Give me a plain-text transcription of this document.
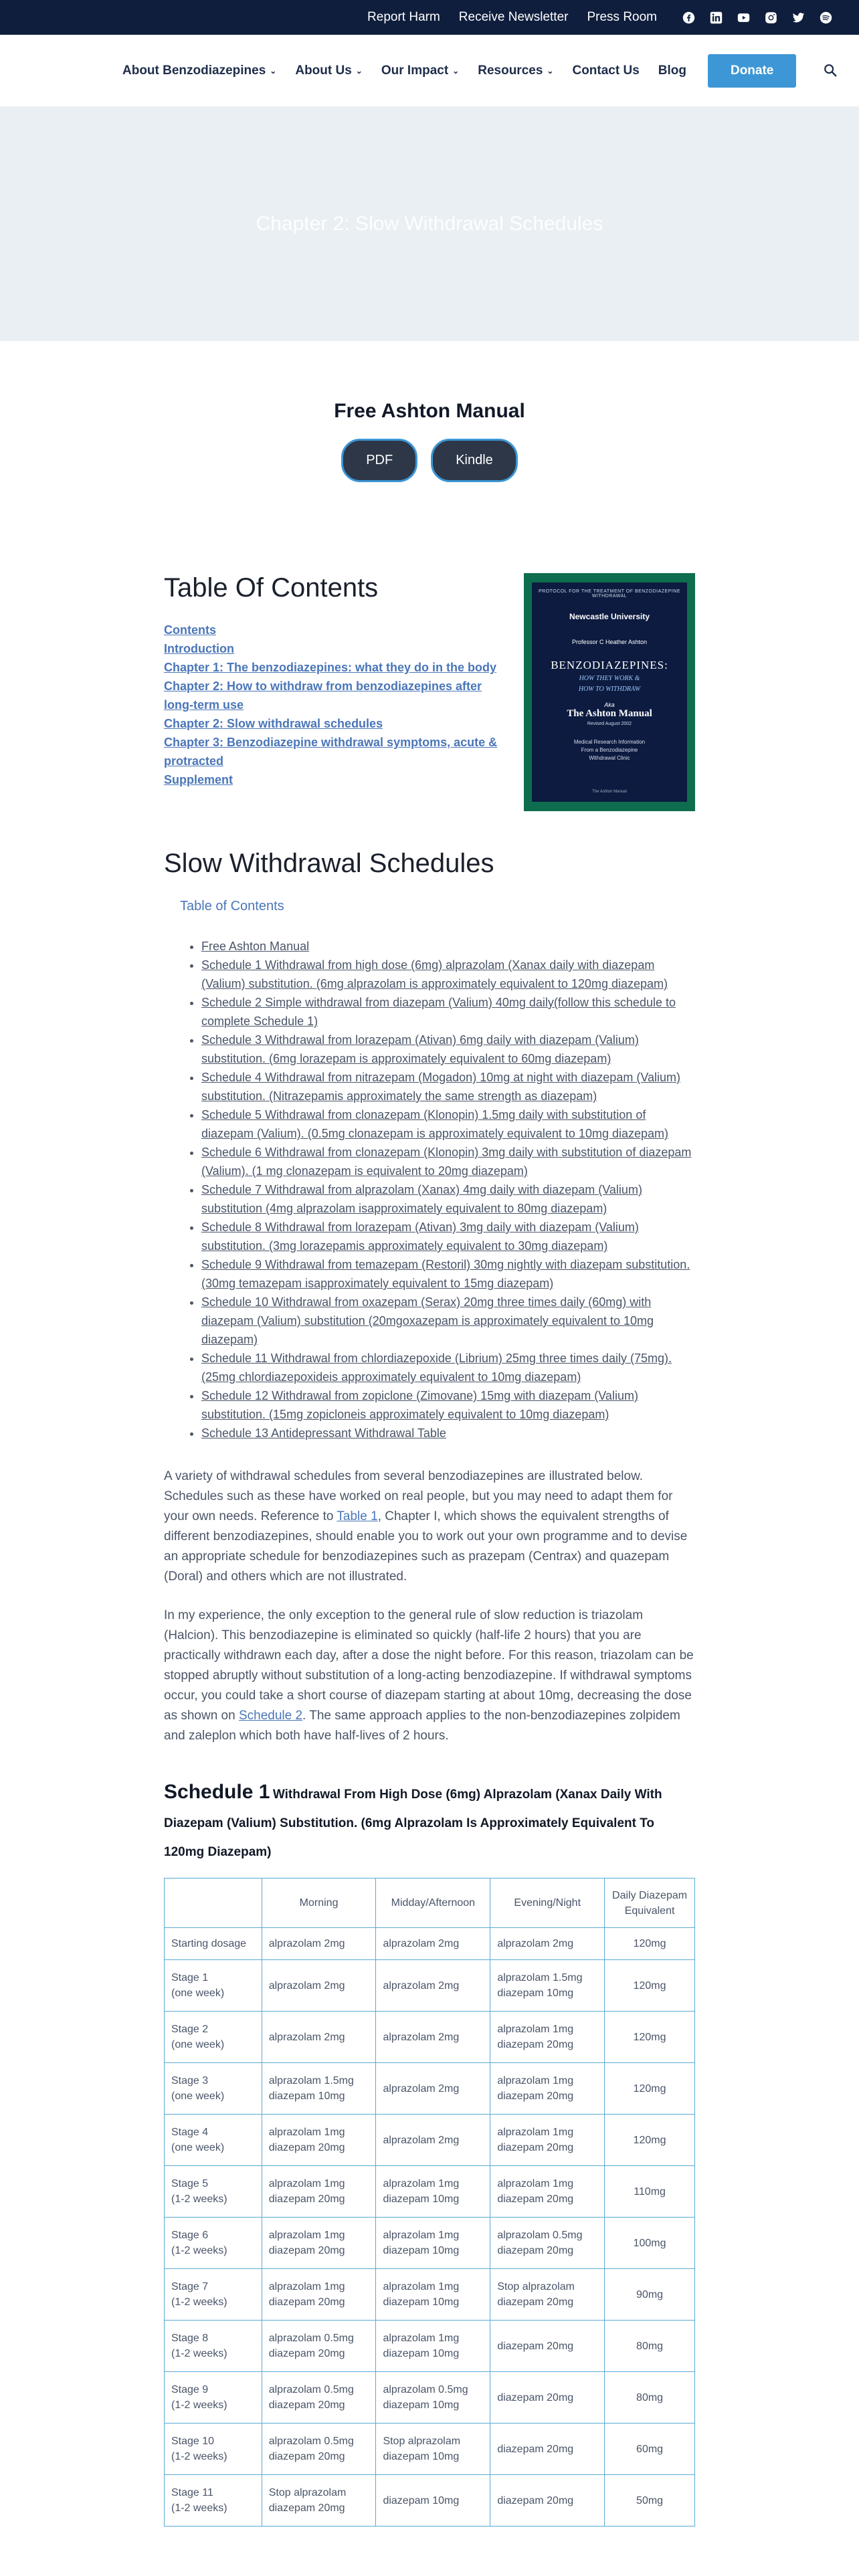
Report Harm Receive Newsletter Press Room
About Benzodiazepines ⌄ About Us ⌄ Our Impact ⌄ Resources ⌄ Contact Us Blog	Donate
Chapter 2: Slow Withdrawal Schedules
Free Ashton Manual
PDF	Kindle
Table Of Contents
Contents
Introduction
Chapter 1: The benzodiazepines: what they do in the body
Chapter 2: How to withdraw from benzodiazepines after long-term use
Chapter 2: Slow withdrawal schedules
Chapter 3: Benzodiazepine withdrawal symptoms, acute & protracted
Supplement
PROTOCOL FOR THE TREATMENT OF BENZODIAZEPINE WITHDRAWAL
Newcastle University
Professor C Heather Ashton
BENZODIAZEPINES:
HOW THEY WORK &
HOW TO WITHDRAW
Aka
The Ashton Manual
Revised August 2002
Medical Research Information
From a Benzodiazepine
Withdrawal Clinic
The Ashton Manual
Slow Withdrawal Schedules
Table of Contents
• Free Ashton Manual
• Schedule 1 Withdrawal from high dose (6mg) alprazolam (Xanax daily with diazepam (Valium) substitution. (6mg alprazolam is approximately equivalent to 120mg diazepam)
• Schedule 2 Simple withdrawal from diazepam (Valium) 40mg daily(follow this schedule to complete Schedule 1)
• Schedule 3 Withdrawal from lorazepam (Ativan) 6mg daily with diazepam (Valium) substitution. (6mg lorazepam is approximately equivalent to 60mg diazepam)
• Schedule 4 Withdrawal from nitrazepam (Mogadon) 10mg at night with diazepam (Valium) substitution. (Nitrazepamis approximately the same strength as diazepam)
• Schedule 5 Withdrawal from clonazepam (Klonopin) 1.5mg daily with substitution of diazepam (Valium). (0.5mg clonazepam is approximately equivalent to 10mg diazepam)
• Schedule 6 Withdrawal from clonazepam (Klonopin) 3mg daily with substitution of diazepam (Valium). (1 mg clonazepam is equivalent to 20mg diazepam)
• Schedule 7 Withdrawal from alprazolam (Xanax) 4mg daily with diazepam (Valium) substitution (4mg alprazolam isapproximately equivalent to 80mg diazepam)
• Schedule 8 Withdrawal from lorazepam (Ativan) 3mg daily with diazepam (Valium) substitution. (3mg lorazepamis approximately equivalent to 30mg diazepam)
• Schedule 9 Withdrawal from temazepam (Restoril) 30mg nightly with diazepam substitution. (30mg temazepam isapproximately equivalent to 15mg diazepam)
• Schedule 10 Withdrawal from oxazepam (Serax) 20mg three times daily (60mg) with diazepam (Valium) substitution (20mgoxazepam is approximately equivalent to 10mg diazepam)
• Schedule 11 Withdrawal from chlordiazepoxide (Librium) 25mg three times daily (75mg). (25mg chlordiazepoxideis approximately equivalent to 10mg diazepam)
• Schedule 12 Withdrawal from zopiclone (Zimovane) 15mg with diazepam (Valium) substitution. (15mg zopicloneis approximately equivalent to 10mg diazepam)
• Schedule 13 Antidepressant Withdrawal Table

A variety of withdrawal schedules from several benzodiazepines are illustrated below. Schedules such as these have worked on real people, but you may need to adapt them for your own needs. Reference to Table 1, Chapter I, which shows the equivalent strengths of different benzodiazepines, should enable you to work out your own programme and to devise an appropriate schedule for benzodiazepines such as prazepam (Centrax) and quazepam (Doral) and others which are not illustrated.

In my experience, the only exception to the general rule of slow reduction is triazolam (Halcion). This benzodiazepine is eliminated so quickly (half-life 2 hours) that you are practically withdrawn each day, after a dose the night before. For this reason, triazolam can be stopped abruptly without substitution of a long-acting benzodiazepine. If withdrawal symptoms occur, you could take a short course of diazepam starting at about 10mg, decreasing the dose as shown on Schedule 2. The same approach applies to the non-benzodiazepines zolpidem and zaleplon which both have half-lives of 2 hours.

Schedule 1 Withdrawal From High Dose (6mg) Alprazolam (Xanax Daily With Diazepam (Valium) Substitution. (6mg Alprazolam Is Approximately Equivalent To 120mg Diazepam)
	Morning	Midday/Afternoon	Evening/Night	Daily Diazepam Equivalent
Starting dosage	alprazolam 2mg	alprazolam 2mg	alprazolam 2mg	120mg
Stage 1
(one week)	alprazolam 2mg	alprazolam 2mg	alprazolam 1.5mg diazepam 10mg	120mg
Stage 2
(one week)	alprazolam 2mg	alprazolam 2mg	alprazolam 1mg diazepam 20mg	120mg
Stage 3
(one week)	alprazolam 1.5mg diazepam 10mg	alprazolam 2mg	alprazolam 1mg diazepam 20mg	120mg
Stage 4
(one week)	alprazolam 1mg diazepam 20mg	alprazolam 2mg	alprazolam 1mg diazepam 20mg	120mg
Stage 5
(1-2 weeks)	alprazolam 1mg diazepam 20mg	alprazolam 1mg diazepam 10mg	alprazolam 1mg diazepam 20mg	110mg
Stage 6
(1-2 weeks)	alprazolam 1mg diazepam 20mg	alprazolam 1mg diazepam 10mg	alprazolam 0.5mg diazepam 20mg	100mg
Stage 7
(1-2 weeks)	alprazolam 1mg diazepam 20mg	alprazolam 1mg diazepam 10mg	Stop alprazolam diazepam 20mg	90mg
Stage 8
(1-2 weeks)	alprazolam 0.5mg diazepam 20mg	alprazolam 1mg diazepam 10mg	diazepam 20mg	80mg
Stage 9
(1-2 weeks)	alprazolam 0.5mg diazepam 20mg	alprazolam 0.5mg diazepam 10mg	diazepam 20mg	80mg
Stage 10
(1-2 weeks)	alprazolam 0.5mg diazepam 20mg	Stop alprazolam diazepam 10mg	diazepam 20mg	60mg
Stage 11
(1-2 weeks)	Stop alprazolam diazepam 20mg	diazepam 10mg	diazepam 20mg	50mg
